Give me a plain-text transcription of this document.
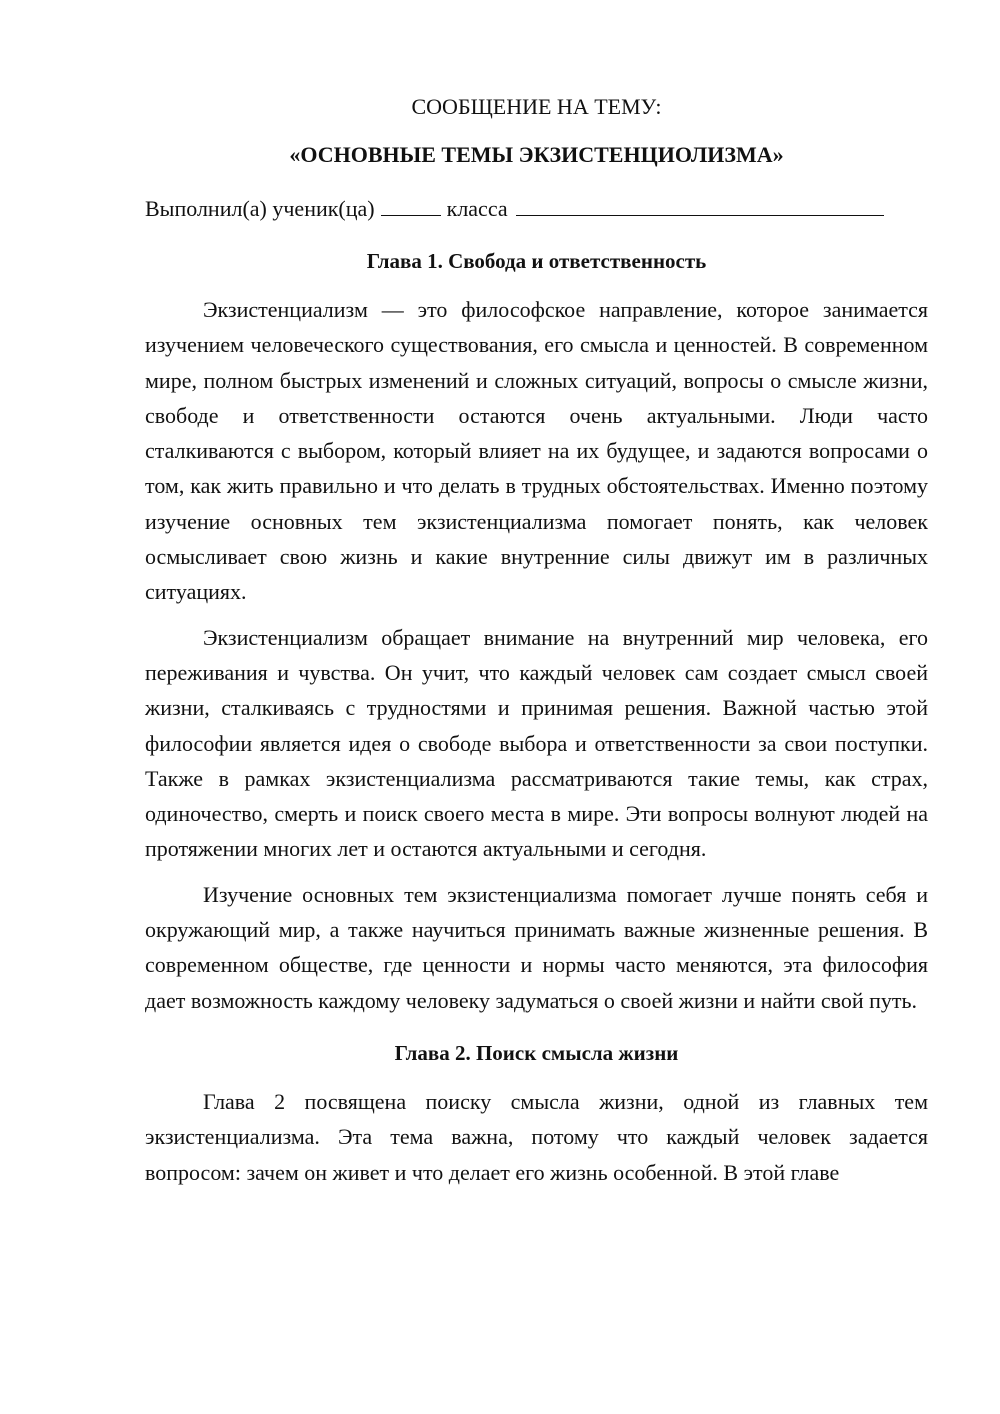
СООБЩЕНИЕ НА ТЕМУ:

«ОСНОВНЫЕ ТЕМЫ ЭКЗИСТЕНЦИОЛИЗМА»

Выполнил(а) ученик(ца)	класса
Глава 1. Свобода и ответственность

Экзистенциализм — это философское направление, которое занимается изучением человеческого существования, его смысла и ценностей. В современном мире, полном быстрых изменений и сложных ситуаций, вопросы о смысле жизни, свободе и ответственности остаются очень актуальными. Люди часто сталкиваются с выбором, который влияет на их будущее, и задаются вопросами о том, как жить правильно и что делать в трудных обстоятельствах. Именно поэтому изучение основных тем экзистенциализма помогает понять, как человек осмысливает свою жизнь и какие внутренние силы движут им в различных ситуациях.

Экзистенциализм обращает внимание на внутренний мир человека, его переживания и чувства. Он учит, что каждый человек сам создает смысл своей жизни, сталкиваясь с трудностями и принимая решения. Важной частью этой философии является идея о свободе выбора и ответственности за свои поступки. Также в рамках экзистенциализма рассматриваются такие темы, как страх, одиночество, смерть и поиск своего места в мире. Эти вопросы волнуют людей на протяжении многих лет и остаются актуальными и сегодня.

Изучение основных тем экзистенциализма помогает лучше понять себя и окружающий мир, а также научиться принимать важные жизненные решения. В современном обществе, где ценности и нормы часто меняются, эта философия дает возможность каждому человеку задуматься о своей жизни и найти свой путь.

Глава 2. Поиск смысла жизни

Глава 2 посвящена поиску смысла жизни, одной из главных тем экзистенциализма. Эта тема важна, потому что каждый человек задается вопросом: зачем он живет и что делает его жизнь особенной. В этой главе
